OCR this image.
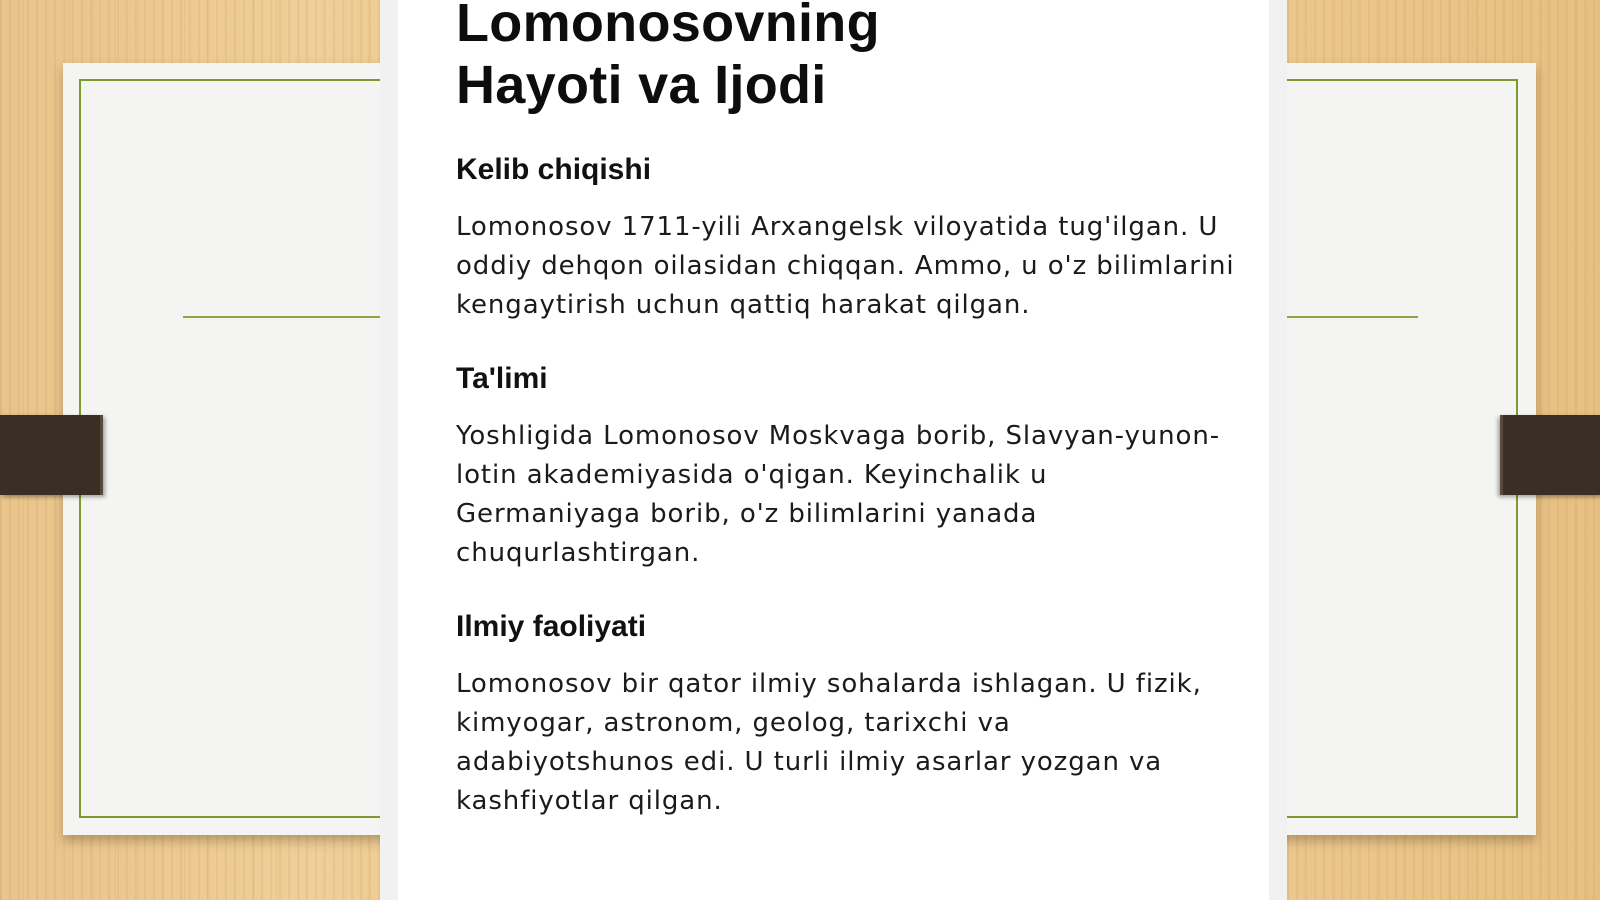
Lomonosovning
Hayoti va Ijodi
Kelib chiqishi

Lomonosov 1711-yili Arxangelsk viloyatida tug'ilgan. U oddiy dehqon oilasidan chiqqan. Ammo, u o'z bilimlarini kengaytirish uchun qattiq harakat qilgan.

Ta'limi

Yoshligida Lomonosov Moskvaga borib, Slavyan-yunon-lotin akademiyasida o'qigan. Keyinchalik u Germaniyaga borib, o'z bilimlarini yanada chuqurlashtirgan.

Ilmiy faoliyati

Lomonosov bir qator ilmiy sohalarda ishlagan. U fizik, kimyogar, astronom, geolog, tarixchi va adabiyotshunos edi. U turli ilmiy asarlar yozgan va kashfiyotlar qilgan.
